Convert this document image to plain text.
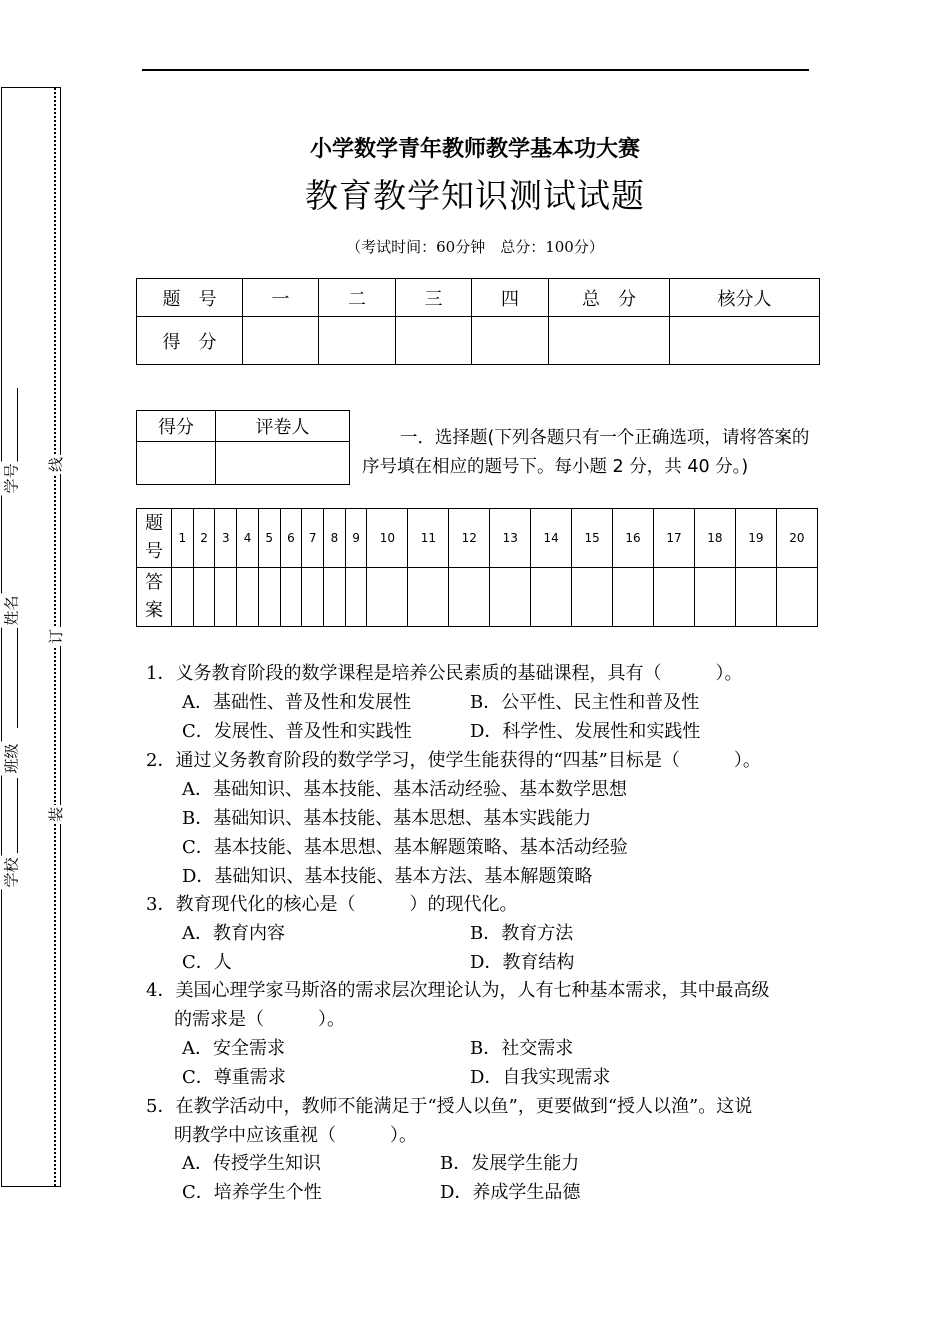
学号
姓名
班级
学校
线
订
装
小学数学青年教师教学基本功大赛
教育教学知识测试试题
（考试时间：60分钟　总分：100分）
题　号	一	二	三	四	总　分	核分人
得　分						
得分	评卷人
		一．选择题(下列各题只有一个正确选项，请将答案的序号填在相应的题号下。每小题 2 分，共 40 分。)
题号	1	2	3	4	5	6	7	8	9	10	11	12	13	14	15	16	17	18	19	20
答案																				
1．义务教育阶段的数学课程是培养公民素质的基础课程，具有（　　　）。
A．基础性、普及性和发展性	B．公平性、民主性和普及性
C．发展性、普及性和实践性	D．科学性、发展性和实践性
2．通过义务教育阶段的数学学习，使学生能获得的“四基”目标是（　　　）。
A．基础知识、基本技能、基本活动经验、基本数学思想
B．基础知识、基本技能、基本思想、基本实践能力
C．基本技能、基本思想、基本解题策略、基本活动经验
D．基础知识、基本技能、基本方法、基本解题策略
3．教育现代化的核心是（　　　）的现代化。
A．教育内容	B．教育方法
C．人	D．教育结构
4．美国心理学家马斯洛的需求层次理论认为，人有七种基本需求，其中最高级
的需求是（　　　）。
A．安全需求	B．社交需求
C．尊重需求	D．自我实现需求
5．在教学活动中，教师不能满足于“授人以鱼”，更要做到“授人以渔”。这说
明教学中应该重视（　　　）。
A．传授学生知识	B．发展学生能力
C．培养学生个性	D．养成学生品德
